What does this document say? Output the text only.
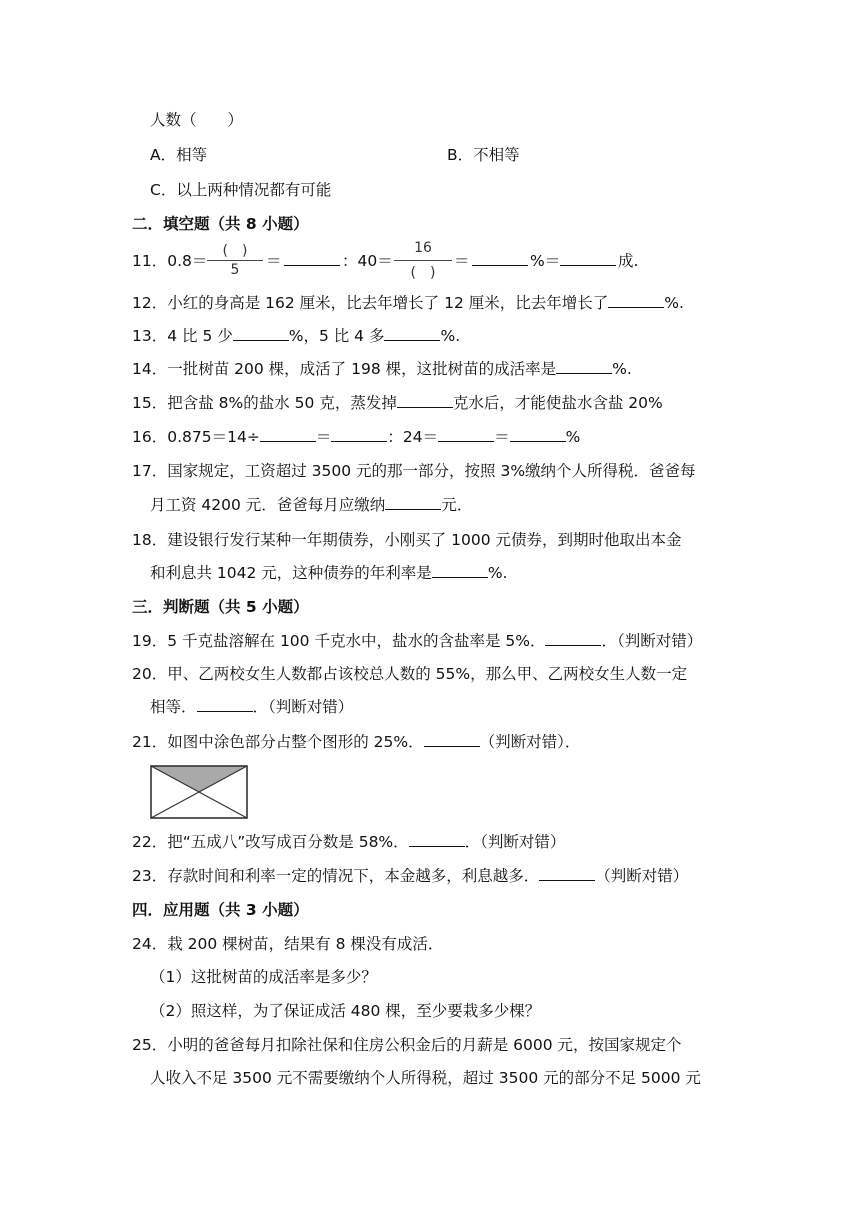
人数（　　）
A．相等	B．不相等
C．以上两种情况都有可能
二．填空题（共 8 小题）
11．0.8＝
(　)
5	＝	：40＝
16
(　)
＝	%＝	成.
12．小红的身高是 162 厘米，比去年增长了 12 厘米，比去年增长了	%.
13．4 比 5 少	%，5 比 4 多	%.
14．一批树苗 200 棵，成活了 198 棵，这批树苗的成活率是	%.
15．把含盐 8%的盐水 50 克，蒸发掉	克水后，才能使盐水含盐 20%
16．0.875＝14÷	＝	：24＝	＝	%
17．国家规定，工资超过 3500 元的那一部分，按照 3%缴纳个人所得税．爸爸每
月工资 4200 元．爸爸每月应缴纳	元．
18．建设银行发行某种一年期债券，小刚买了 1000 元债券，到期时他取出本金
和利息共 1042 元，这种债券的年利率是	%.
三．判断题（共 5 小题）
19．5 千克盐溶解在 100 千克水中，盐水的含盐率是 5%．	．（判断对错）
20．甲、乙两校女生人数都占该校总人数的 55%，那么甲、乙两校女生人数一定
相等．	．（判断对错）
21．如图中涂色部分占整个图形的 25%．	（判断对错）．
22．把“五成八”改写成百分数是 58%．	．（判断对错）
23．存款时间和利率一定的情况下，本金越多，利息越多．	（判断对错）
四．应用题（共 3 小题）
24．栽 200 棵树苗，结果有 8 棵没有成活．
（1）这批树苗的成活率是多少？
（2）照这样，为了保证成活 480 棵，至少要栽多少棵？
25．小明的爸爸每月扣除社保和住房公积金后的月薪是 6000 元，按国家规定个
人收入不足 3500 元不需要缴纳个人所得税，超过 3500 元的部分不足 5000 元
